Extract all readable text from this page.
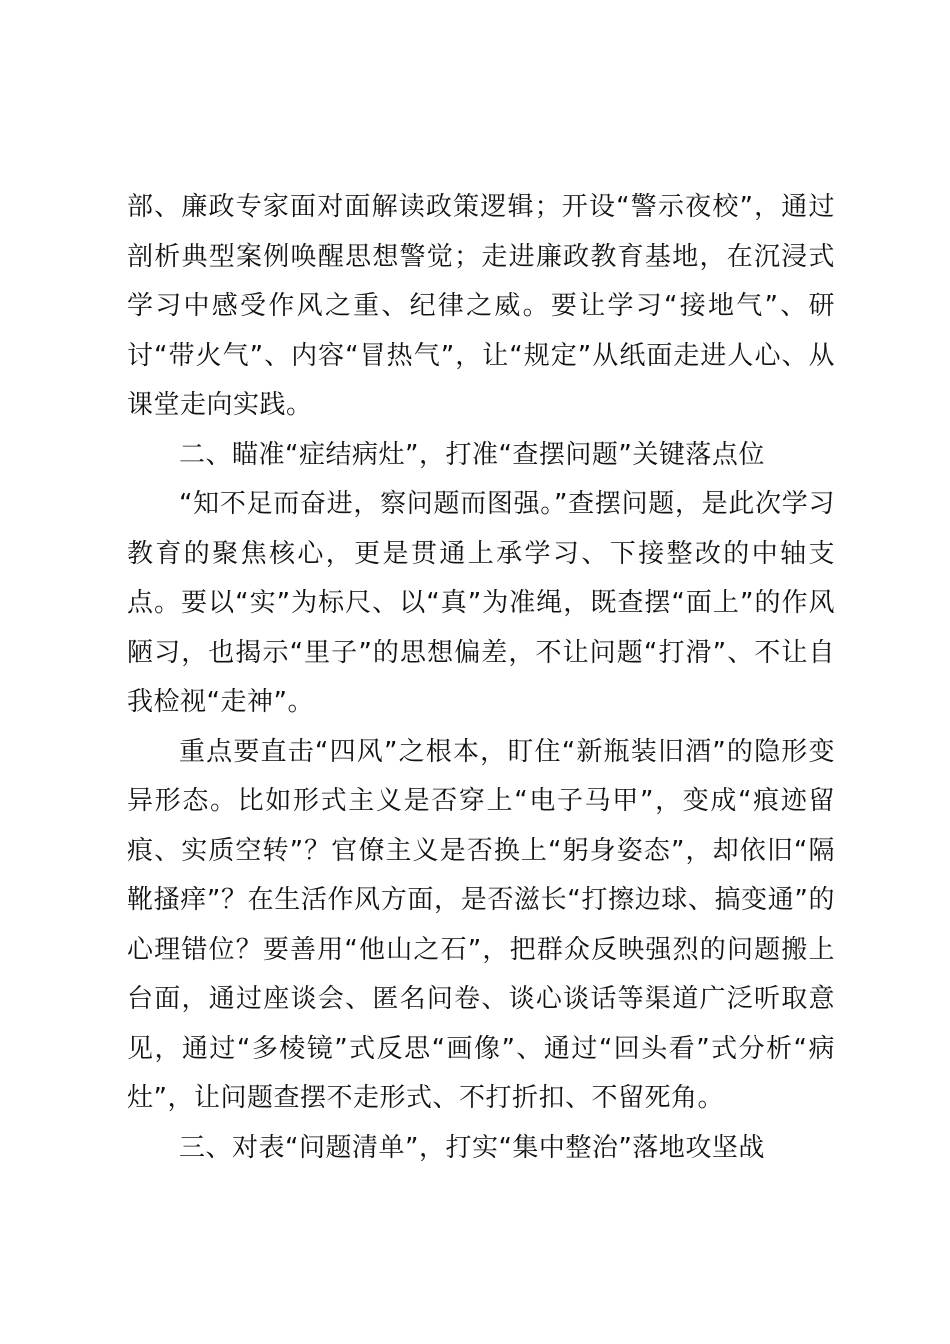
部、廉政专家面对面解读政策逻辑；开设“警示夜校”，通过剖析典型案例唤醒思想警觉；走进廉政教育基地，在沉浸式学习中感受作风之重、纪律之威。要让学习“接地气”、研讨“带火气”、内容“冒热气”，让“规定”从纸面走进人心、从课堂走向实践。

二、瞄准“症结病灶”，打准“查摆问题”关键落点位

“知不足而奋进，察问题而图强。”查摆问题，是此次学习教育的聚焦核心，更是贯通上承学习、下接整改的中轴支点。要以“实”为标尺、以“真”为准绳，既查摆“面上”的作风陋习，也揭示“里子”的思想偏差，不让问题“打滑”、不让自我检视“走神”。

重点要直击“四风”之根本，盯住“新瓶装旧酒”的隐形变异形态。比如形式主义是否穿上“电子马甲”，变成“痕迹留痕、实质空转”？官僚主义是否换上“躬身姿态”，却依旧“隔靴搔痒”？在生活作风方面，是否滋长“打擦边球、搞变通”的心理错位？要善用“他山之石”，把群众反映强烈的问题搬上台面，通过座谈会、匿名问卷、谈心谈话等渠道广泛听取意见，通过“多棱镜”式反思“画像”、通过“回头看”式分析“病灶”，让问题查摆不走形式、不打折扣、不留死角。

三、对表“问题清单”，打实“集中整治”落地攻坚战
